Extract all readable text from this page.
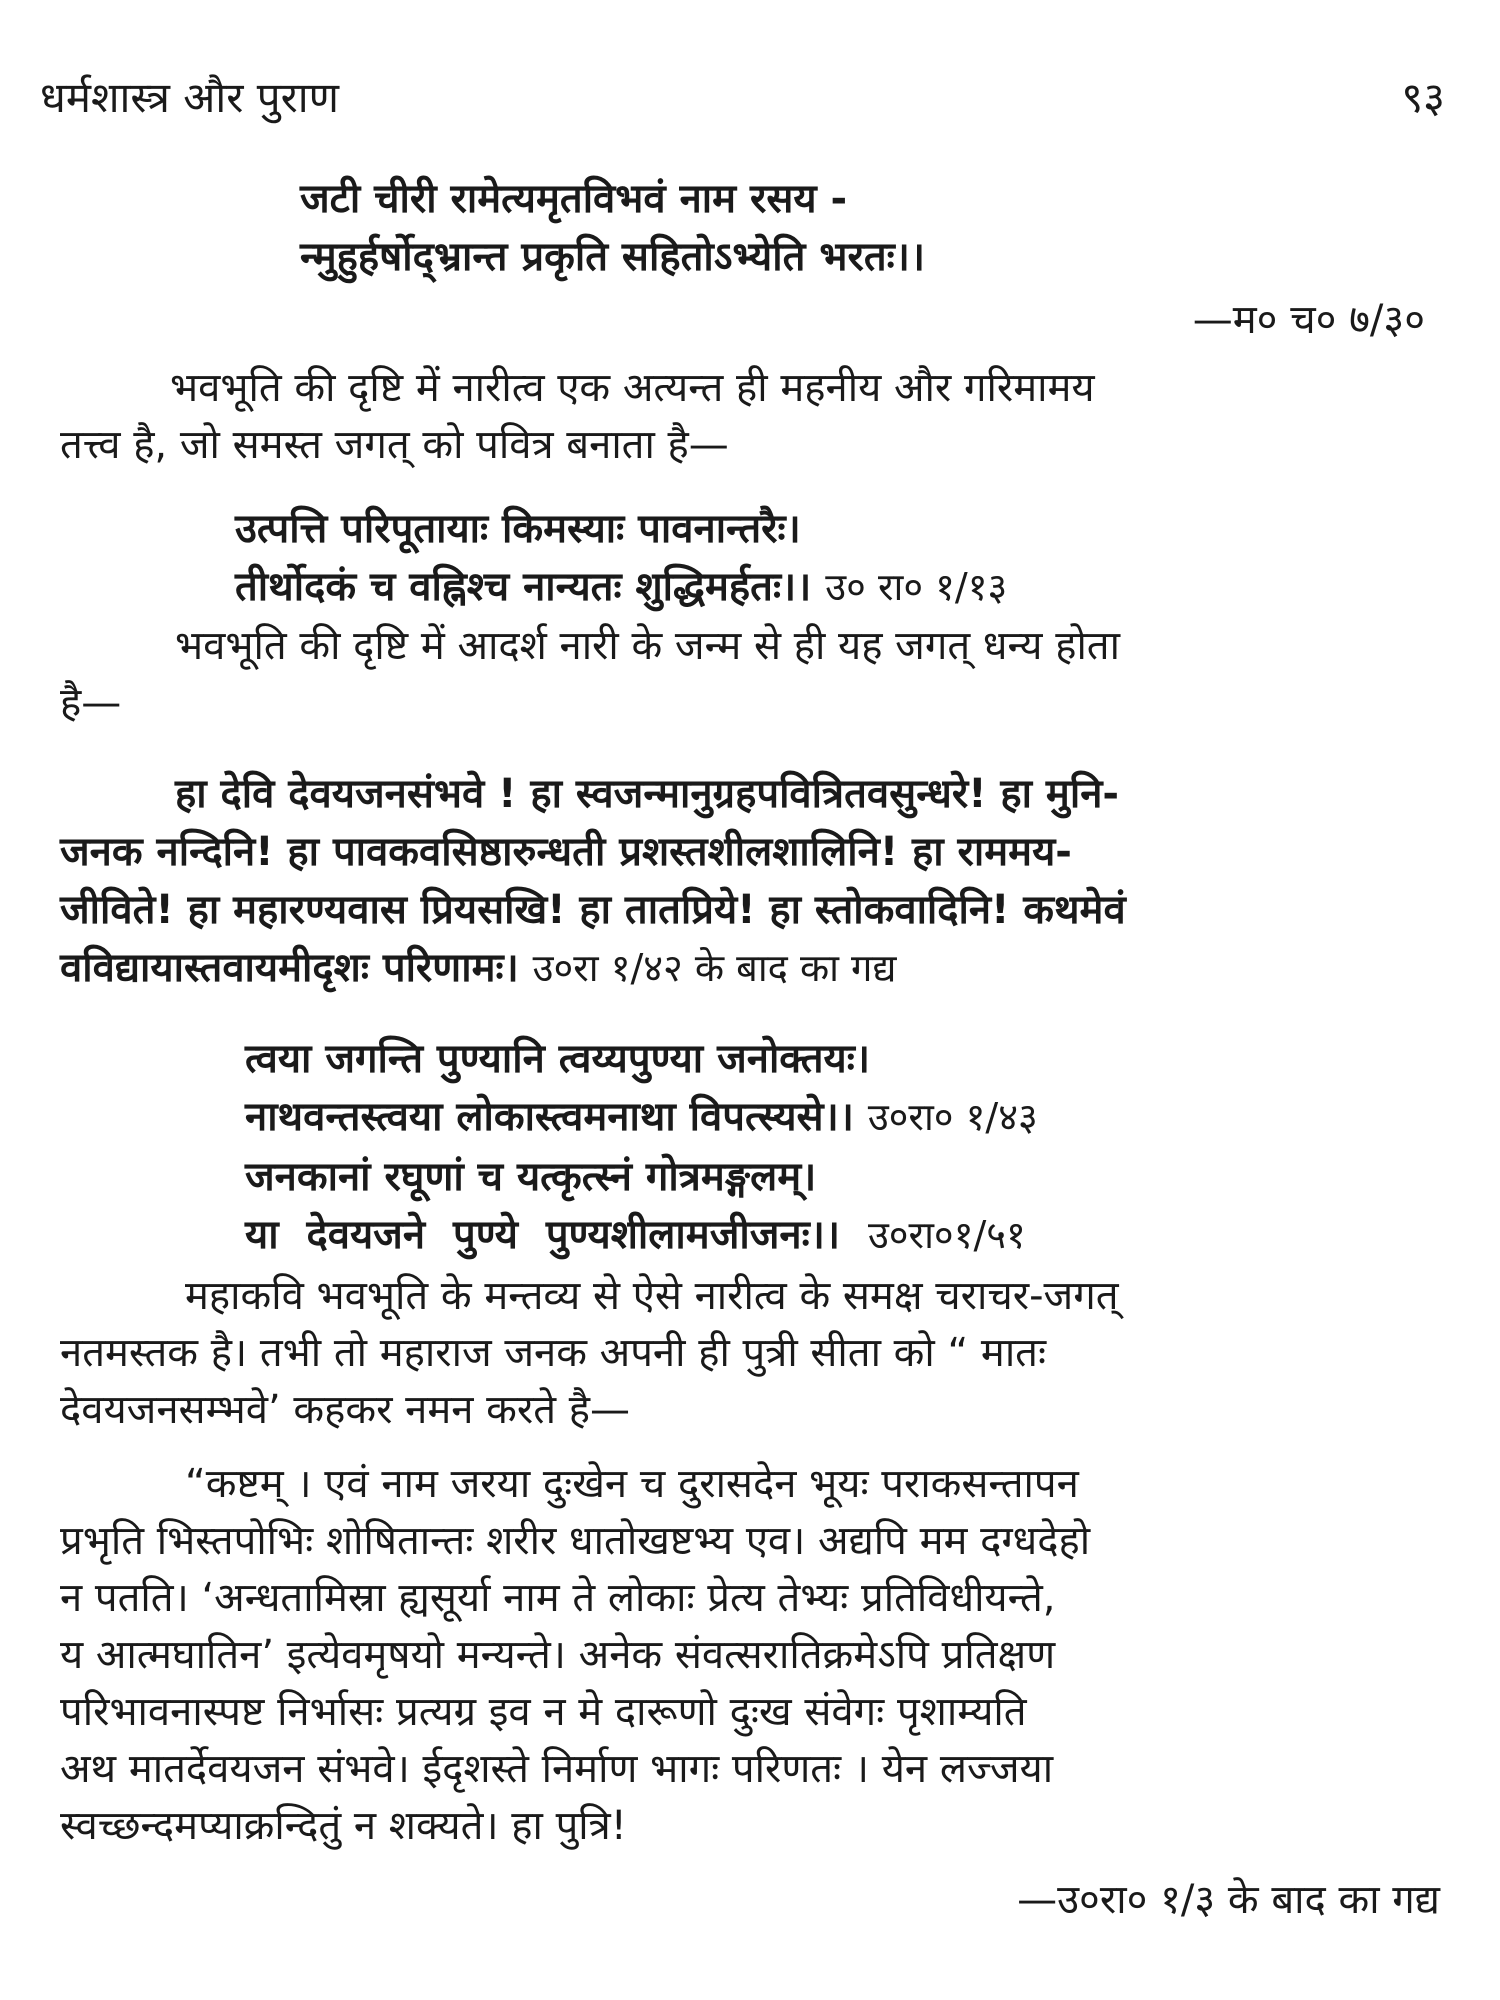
धर्मशास्त्र और पुराण	९३
जटी चीरी रामेत्यमृतविभवं नाम रसय -
न्मुहुर्हर्षोद्भ्रान्त प्रकृति सहितोऽभ्येति भरतः।।
—म० च० ७/३०
भवभूति की दृष्टि में नारीत्व एक अत्यन्त ही महनीय और गरिमामय
तत्त्व है, जो समस्त जगत् को पवित्र बनाता है—
उत्पत्ति परिपूतायाः किमस्याः पावनान्तरैः।
तीर्थोदकं च वह्निश्च नान्यतः शुद्धिमर्हतः।। उ० रा० १/१३
भवभूति की दृष्टि में आदर्श नारी के जन्म से ही यह जगत् धन्य होता
है—
हा देवि देवयजनसंभवे ! हा स्वजन्मानुग्रहपवित्रितवसुन्धरे! हा मुनि-
जनक नन्दिनि! हा पावकवसिष्ठारुन्धती प्रशस्तशीलशालिनि! हा राममय-
जीविते! हा महारण्यवास प्रियसखि! हा तातप्रिये! हा स्तोकवादिनि! कथमेवं
वविद्यायास्तवायमीदृशः परिणामः। उ०रा १/४२ के बाद का गद्य
त्वया जगन्ति पुण्यानि त्वय्यपुण्या जनोक्तयः।
नाथवन्तस्त्वया लोकास्त्वमनाथा विपत्स्यसे।। उ०रा० १/४३
जनकानां रघूणां च यत्कृत्स्नं गोत्रमङ्गलम्।
या देवयजने पुण्ये पुण्यशीलामजीजनः।। उ०रा०१/५१
महाकवि भवभूति के मन्तव्य से ऐसे नारीत्व के समक्ष चराचर-जगत्
नतमस्तक है। तभी तो महाराज जनक अपनी ही पुत्री सीता को “ मातः
देवयजनसम्भवे’ कहकर नमन करते है—
“कष्टम् । एवं नाम जरया दुःखेन च दुरासदेन भूयः पराकसन्तापन
प्रभृति भिस्तपोभिः शोषितान्तः शरीर धातोखष्टभ्य एव। अद्यपि मम दग्धदेहो
न पतति। ‘अन्धतामिस्रा ह्यसूर्या नाम ते लोकाः प्रेत्य तेभ्यः प्रतिविधीयन्ते,
य आत्मघातिन’ इत्येवमृषयो मन्यन्ते। अनेक संवत्सरातिक्रमेऽपि प्रतिक्षण
परिभावनास्पष्ट निर्भासः प्रत्यग्र इव न मे दारूणो दुःख संवेगः पृशाम्यति
अथ मातर्देवयजन संभवे। ईदृशस्ते निर्माण भागः परिणतः । येन लज्जया
स्वच्छन्दमप्याक्रन्दितुं न शक्यते। हा पुत्रि!
—उ०रा० १/३ के बाद का गद्य
